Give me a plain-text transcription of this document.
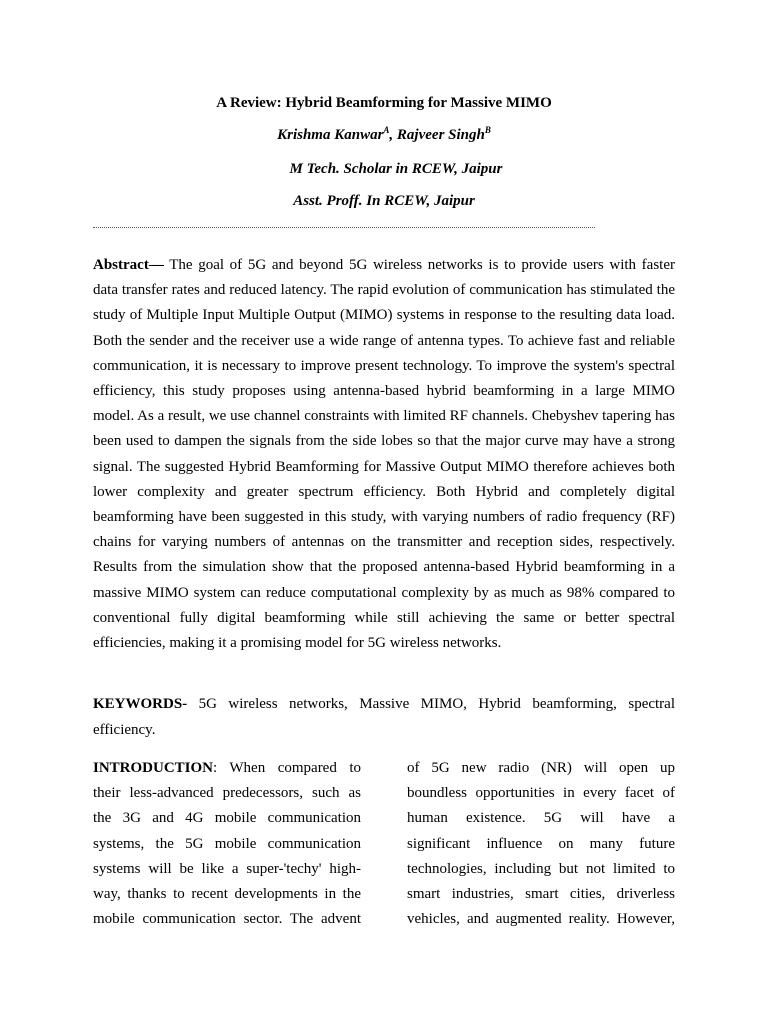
A Review: Hybrid Beamforming for Massive MIMO
Krishma Kanwar$^A$, Rajveer Singh$^B$
M Tech. Scholar in RCEW, Jaipur
Asst. Proff. In RCEW, Jaipur

Abstract— The goal of 5G and beyond 5G wireless networks is to provide users with faster data transfer rates and reduced latency. The rapid evolution of communication has stimulated the study of Multiple Input Multiple Output (MIMO) systems in response to the resulting data load. Both the sender and the receiver use a wide range of antenna types. To achieve fast and reliable communication, it is necessary to improve present technology. To improve the system's spectral efficiency, this study proposes using antenna-based hybrid beamforming in a large MIMO model. As a result, we use channel constraints with limited RF channels. Chebyshev tapering has been used to dampen the signals from the side lobes so that the major curve may have a strong signal. The suggested Hybrid Beamforming for Massive Output MIMO therefore achieves both lower complexity and greater spectrum efficiency. Both Hybrid and completely digital beamforming have been suggested in this study, with varying numbers of radio frequency (RF) chains for varying numbers of antennas on the transmitter and reception sides, respectively. Results from the simulation show that the proposed antenna-based Hybrid beamforming in a massive MIMO system can reduce computational complexity by as much as 98% compared to conventional fully digital beamforming while still achieving the same or better spectral efficiencies, making it a promising model for 5G wireless networks.

KEYWORDS- 5G wireless networks, Massive MIMO, Hybrid beamforming, spectral efficiency.

INTRODUCTION: When compared to
their less-advanced predecessors, such as
the 3G and 4G mobile communication
systems, the 5G mobile communication
systems will be like a super-'techy' high-
way, thanks to recent developments in the
mobile communication sector. The advent
of 5G new radio (NR) will open up
boundless opportunities in every facet of
human existence. 5G will have a
significant influence on many future
technologies, including but not limited to
smart industries, smart cities, driverless
vehicles, and augmented reality. However,
